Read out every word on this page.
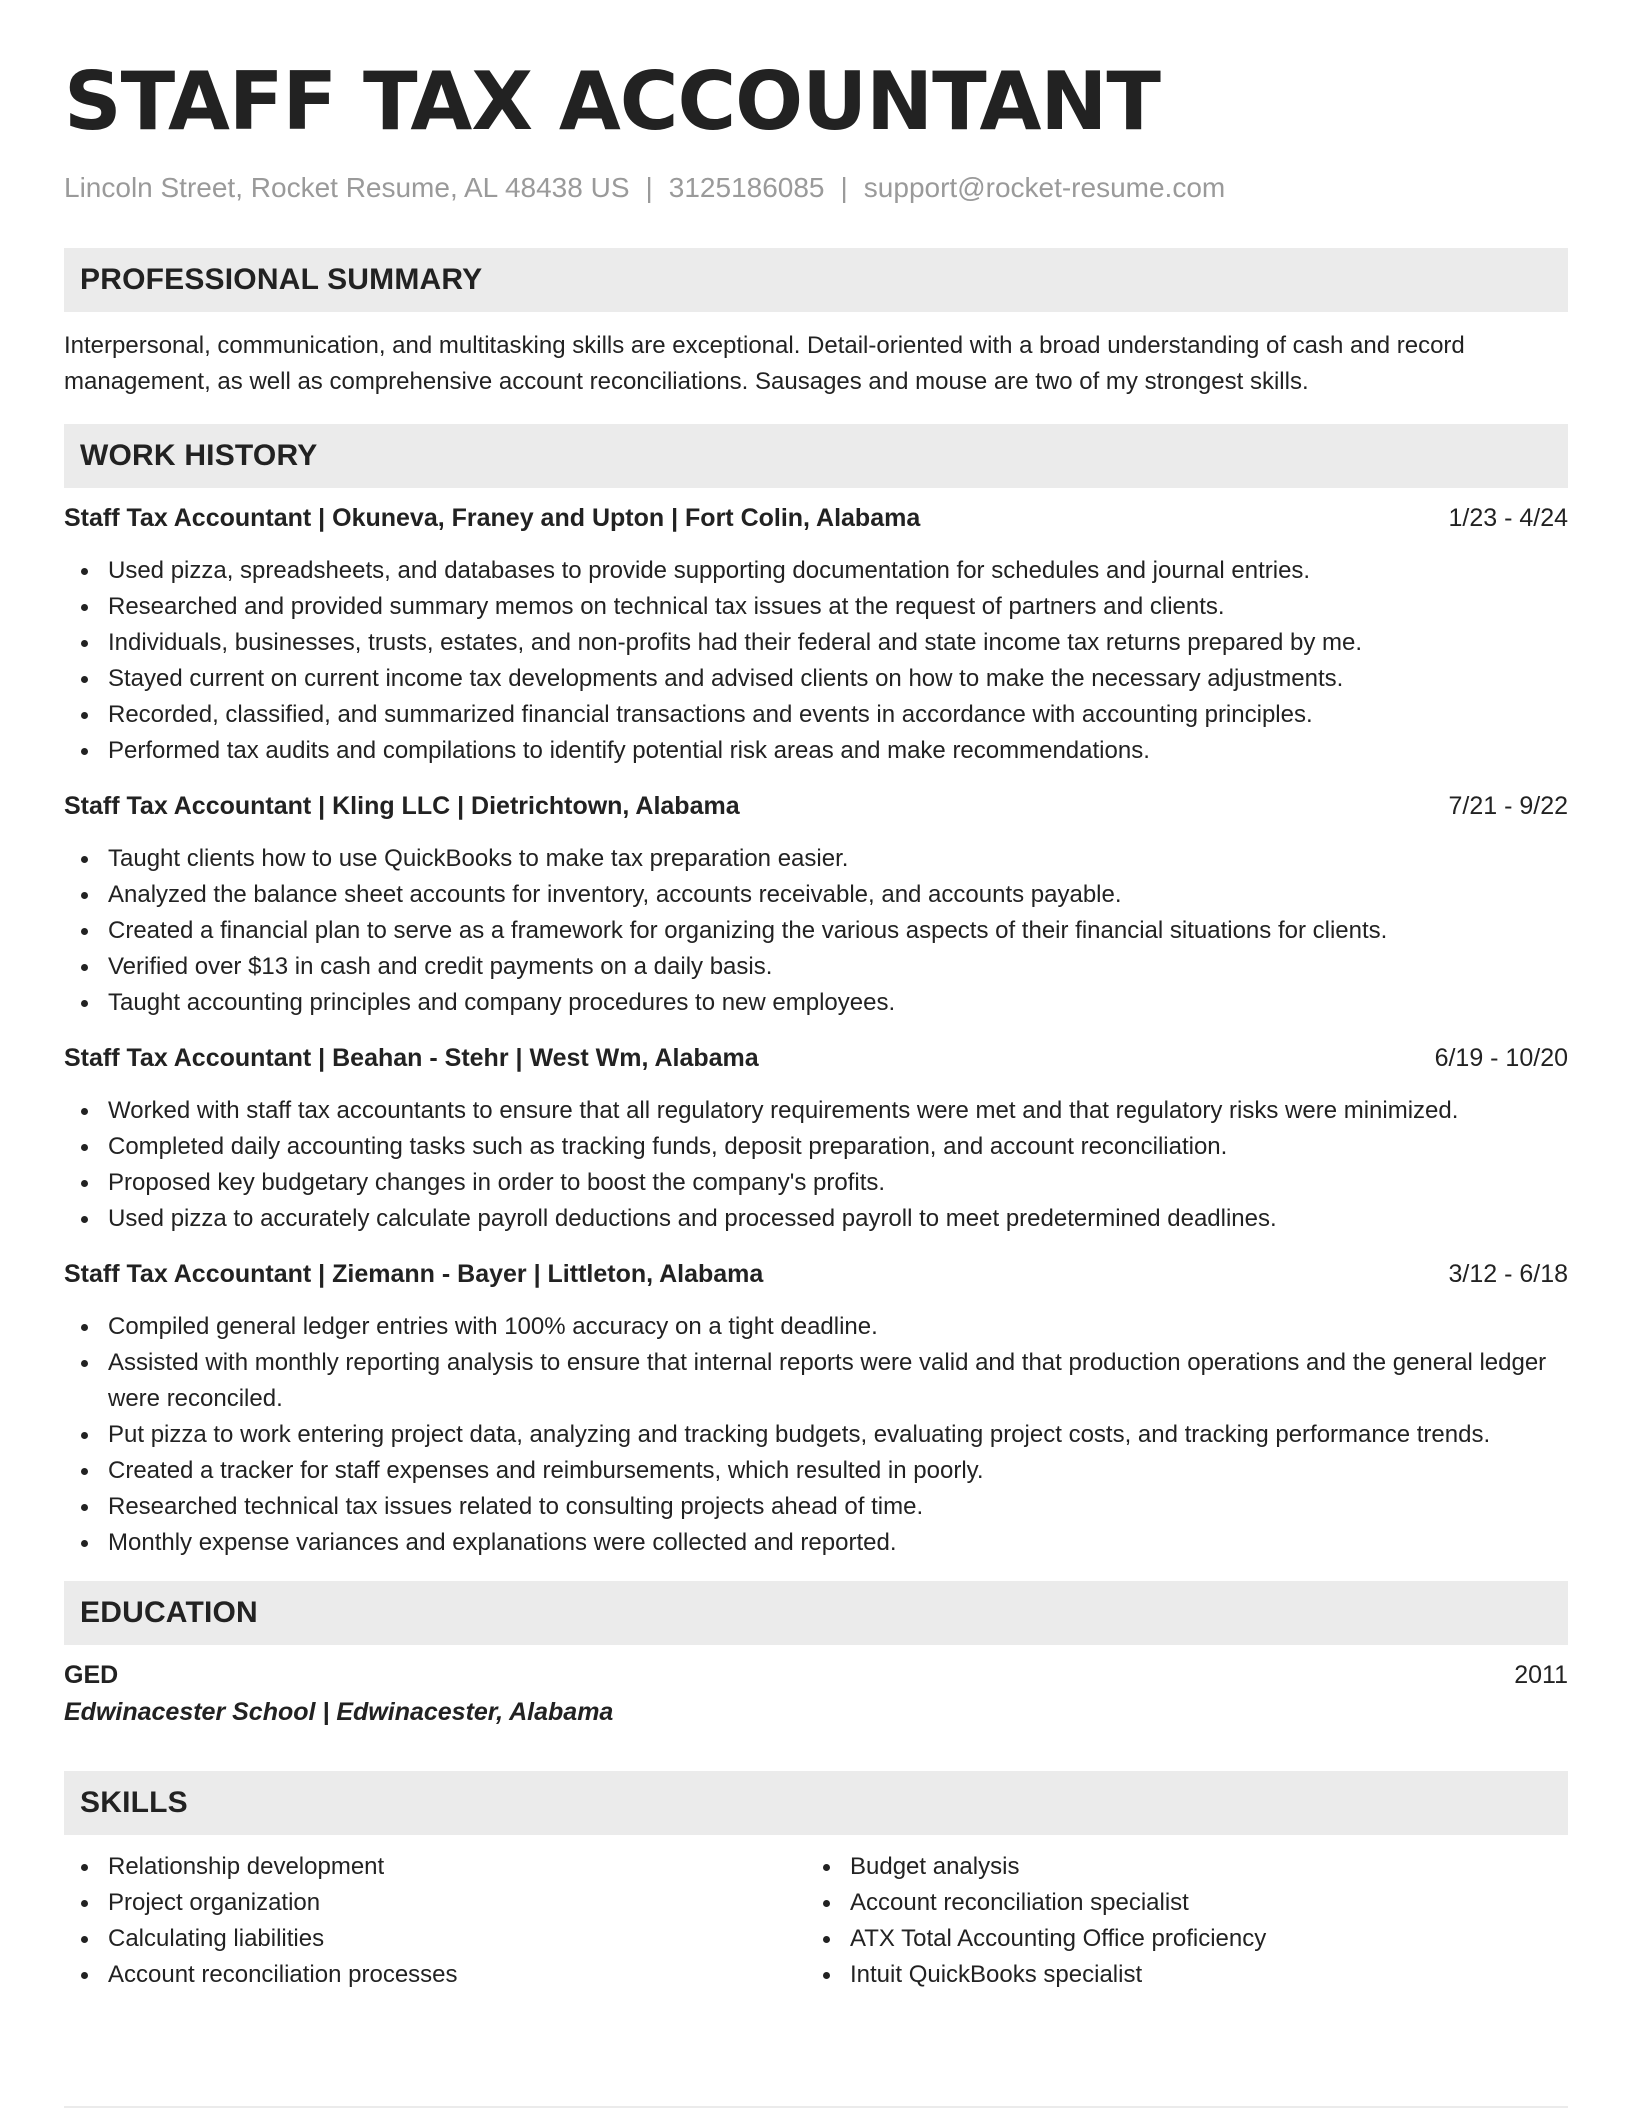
STAFF TAX ACCOUNTANT
Lincoln Street, Rocket Resume, AL 48438 US | 3125186085 | support@rocket-resume.com
PROFESSIONAL SUMMARY

Interpersonal, communication, and multitasking skills are exceptional. Detail-oriented with a broad understanding of cash and record management, as well as comprehensive account reconciliations. Sausages and mouse are two of my strongest skills.

WORK HISTORY
Staff Tax Accountant | Okuneva, Franey and Upton | Fort Colin, Alabama	1/23 - 4/24
Used pizza, spreadsheets, and databases to provide supporting documentation for schedules and journal entries.
Researched and provided summary memos on technical tax issues at the request of partners and clients.
Individuals, businesses, trusts, estates, and non-profits had their federal and state income tax returns prepared by me.
Stayed current on current income tax developments and advised clients on how to make the necessary adjustments.
Recorded, classified, and summarized financial transactions and events in accordance with accounting principles.
Performed tax audits and compilations to identify potential risk areas and make recommendations.
Staff Tax Accountant | Kling LLC | Dietrichtown, Alabama	7/21 - 9/22
Taught clients how to use QuickBooks to make tax preparation easier.
Analyzed the balance sheet accounts for inventory, accounts receivable, and accounts payable.
Created a financial plan to serve as a framework for organizing the various aspects of their financial situations for clients.
Verified over $13 in cash and credit payments on a daily basis.
Taught accounting principles and company procedures to new employees.
Staff Tax Accountant | Beahan - Stehr | West Wm, Alabama	6/19 - 10/20
Worked with staff tax accountants to ensure that all regulatory requirements were met and that regulatory risks were minimized.
Completed daily accounting tasks such as tracking funds, deposit preparation, and account reconciliation.
Proposed key budgetary changes in order to boost the company's profits.
Used pizza to accurately calculate payroll deductions and processed payroll to meet predetermined deadlines.
Staff Tax Accountant | Ziemann - Bayer | Littleton, Alabama	3/12 - 6/18
Compiled general ledger entries with 100% accuracy on a tight deadline.
Assisted with monthly reporting analysis to ensure that internal reports were valid and that production operations and the general ledger were reconciled.
Put pizza to work entering project data, analyzing and tracking budgets, evaluating project costs, and tracking performance trends.
Created a tracker for staff expenses and reimbursements, which resulted in poorly.
Researched technical tax issues related to consulting projects ahead of time.
Monthly expense variances and explanations were collected and reported.
EDUCATION
GED	2011
Edwinacester School | Edwinacester, Alabama
SKILLS
Relationship development
Project organization
Calculating liabilities
Account reconciliation processes
Budget analysis
Account reconciliation specialist
ATX Total Accounting Office proficiency
Intuit QuickBooks specialist
